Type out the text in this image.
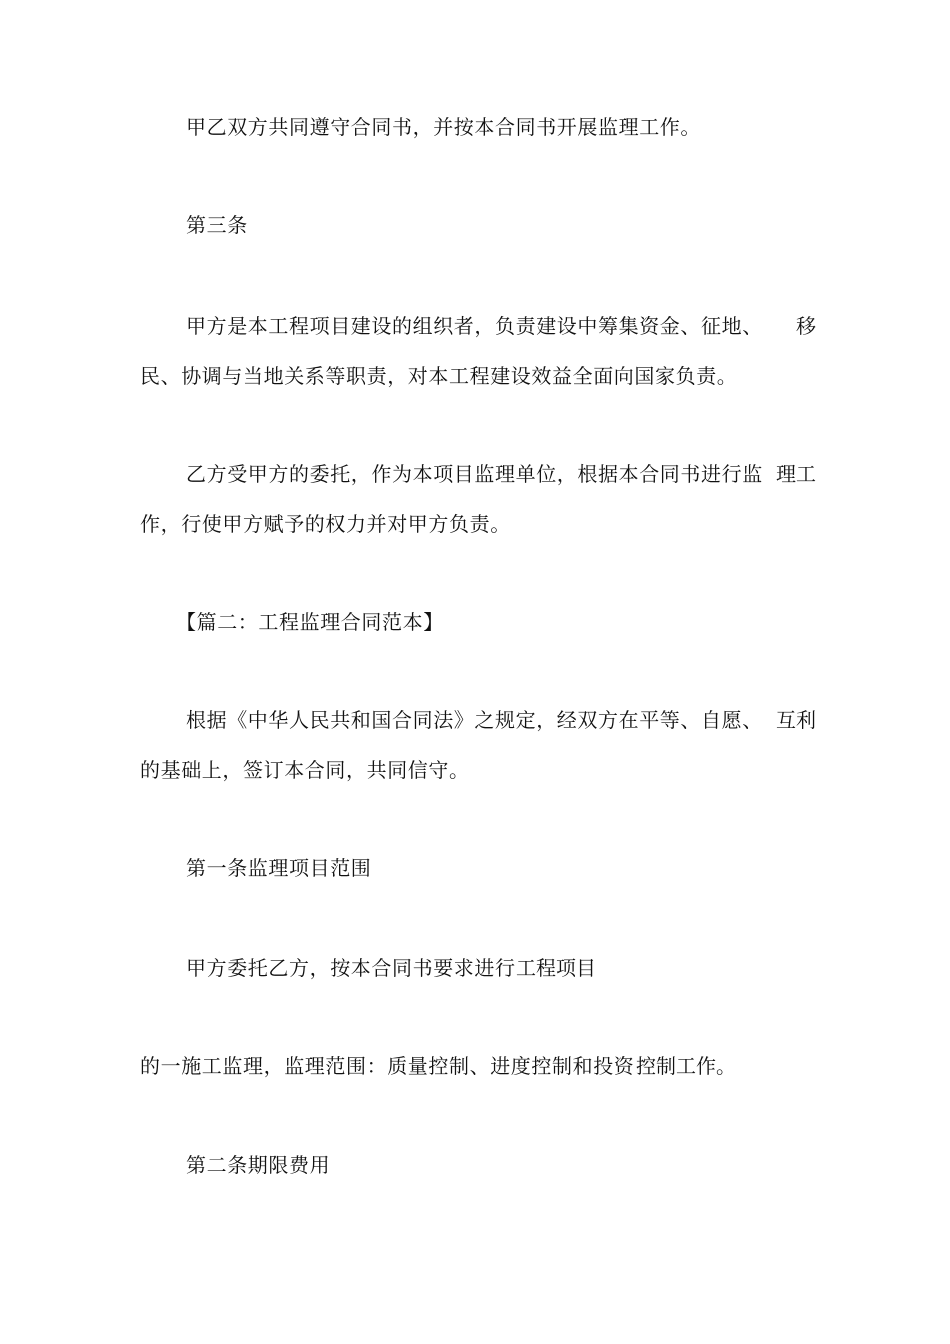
甲乙双方共同遵守合同书，并按本合同书开展监理工作。
第三条
甲方是本工程项目建设的组织者，负责建设中筹集资金、征地、 移
民、协调与当地关系等职责，对本工程建设效益全面向国家负责。
乙方受甲方的委托，作为本项目监理单位，根据本合同书进行监 理工
作，行使甲方赋予的权力并对甲方负责。
【篇二：工程监理合同范本】
根据《中华人民共和国合同法》之规定，经双方在平等、自愿、 互利
的基础上，签订本合同，共同信守。
第一条监理项目范围
甲方委托乙方，按本合同书要求进行 工程项目
的一施工监理，监理范围：质量控制、进度控制和投资 控制工作。
第二条期限费用
